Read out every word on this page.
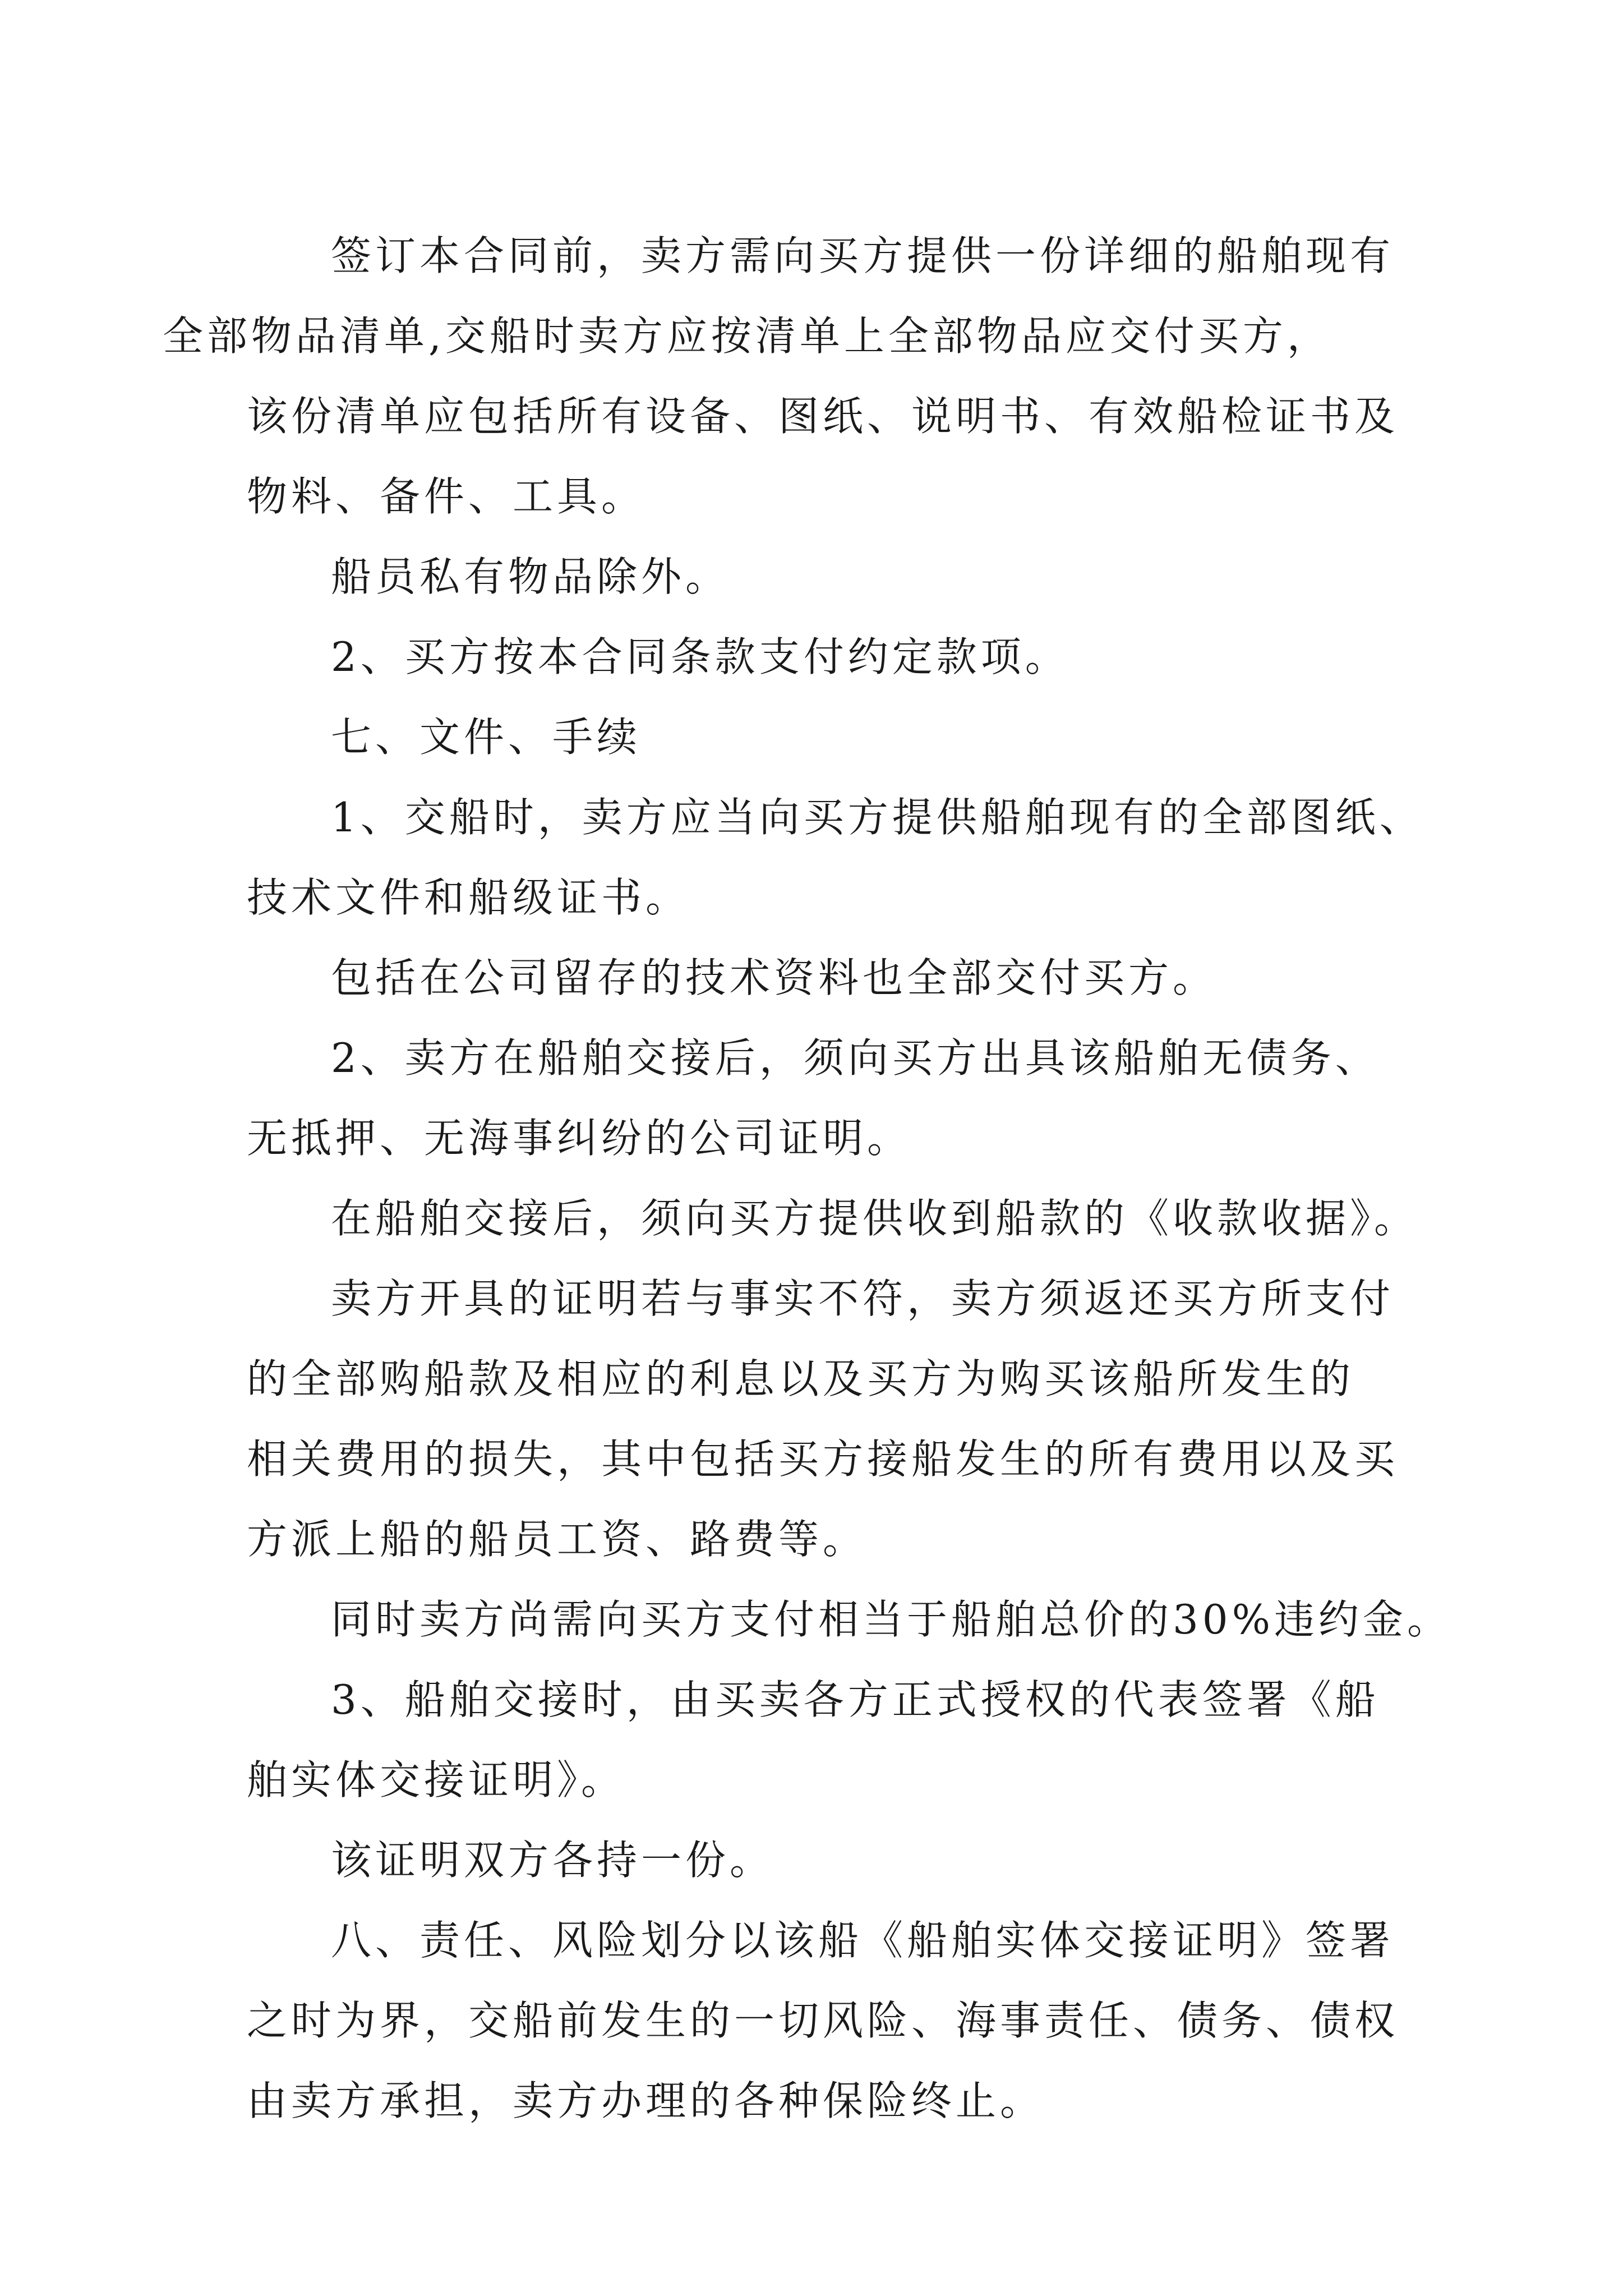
签订本合同前，卖方需向买方提供一份详细的船舶现有
全部物品清单,交船时卖方应按清单上全部物品应交付买方，
该份清单应包括所有设备、图纸、说明书、有效船检证书及
物料、备件、工具。

船员私有物品除外。

2、买方按本合同条款支付约定款项。

七、文件、手续

1、交船时，卖方应当向买方提供船舶现有的全部图纸、
技术文件和船级证书。

包括在公司留存的技术资料也全部交付买方。

2、卖方在船舶交接后，须向买方出具该船舶无债务、
无抵押、无海事纠纷的公司证明。

在船舶交接后，须向买方提供收到船款的《收款收据》。

卖方开具的证明若与事实不符，卖方须返还买方所支付
的全部购船款及相应的利息以及买方为购买该船所发生的
相关费用的损失，其中包括买方接船发生的所有费用以及买
方派上船的船员工资、路费等。

同时卖方尚需向买方支付相当于船舶总价的30%违约金。

3、船舶交接时，由买卖各方正式授权的代表签署《船
舶实体交接证明》。

该证明双方各持一份。

八、责任、风险划分以该船《船舶实体交接证明》签署
之时为界，交船前发生的一切风险、海事责任、债务、债权
由卖方承担，卖方办理的各种保险终止。
